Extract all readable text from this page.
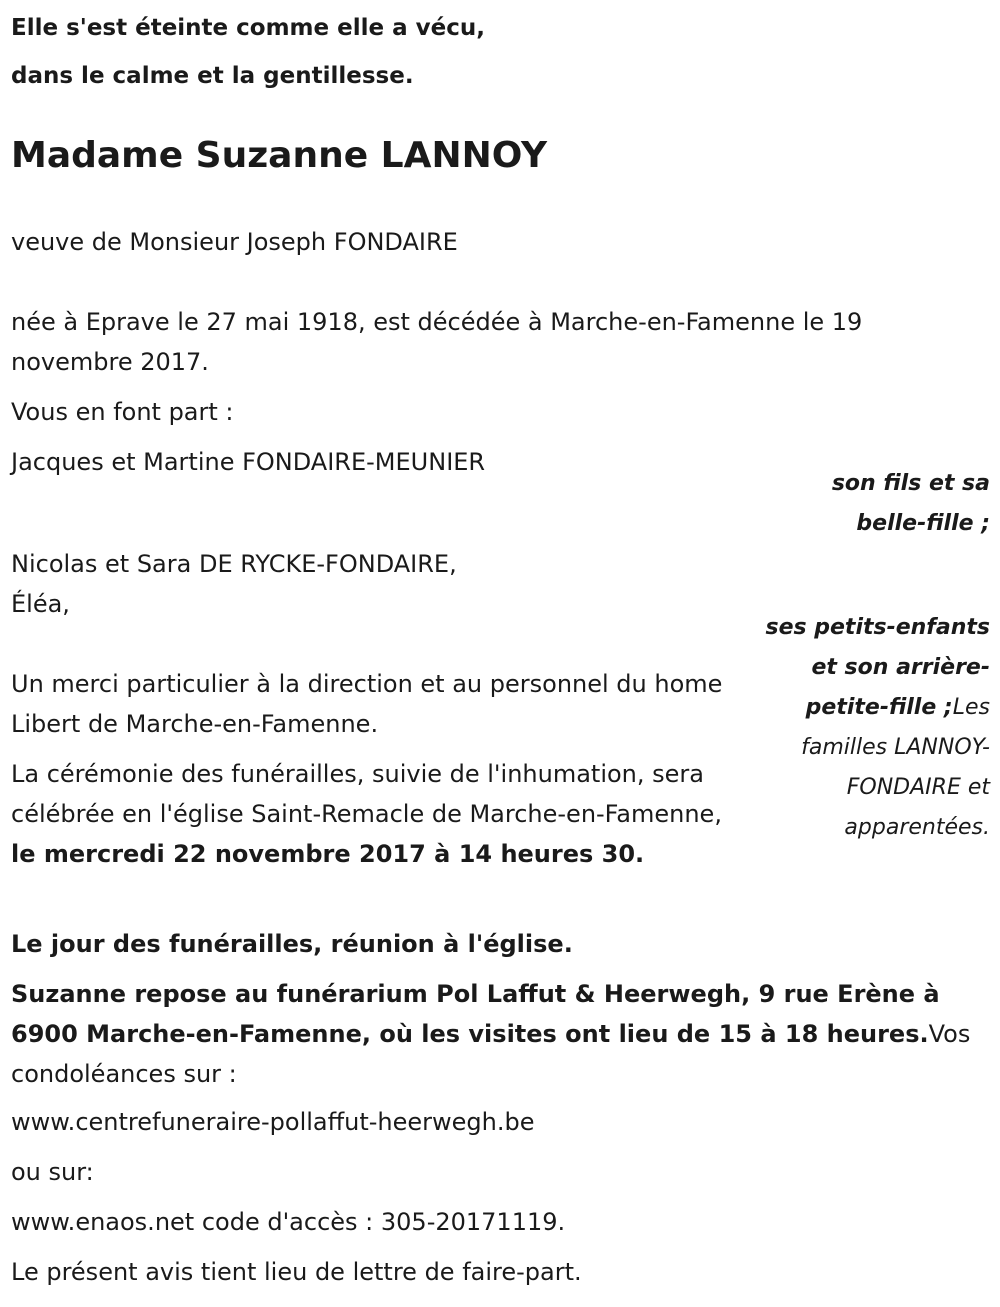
Elle s'est éteinte comme elle a vécu,
dans le calme et la gentillesse.
Madame Suzanne LANNOY
veuve de Monsieur Joseph FONDAIRE
née à Eprave le 27 mai 1918, est décédée à Marche-en-Famenne le 19 novembre 2017.
Vous en font part :
Jacques et Martine FONDAIRE-MEUNIER
son fils et sa belle-fille ;
Nicolas et Sara DE RYCKE-FONDAIRE,
Éléa,
ses petits-enfants et son arrière-petite-fille ;Les familles LANNOY-FONDAIRE et apparentées.
Un merci particulier à la direction et au personnel du home Libert de Marche-en-Famenne.
La cérémonie des funérailles, suivie de l'inhumation, sera célébrée en l'église Saint-Remacle de Marche-en-Famenne, le mercredi 22 novembre 2017 à 14 heures 30.
Le jour des funérailles, réunion à l'église.
Suzanne repose au funérarium Pol Laffut & Heerwegh, 9 rue Erène à 6900 Marche-en-Famenne, où les visites ont lieu de 15 à 18 heures.Vos condoléances sur :
www.centrefuneraire-pollaffut-heerwegh.be
ou sur:
www.enaos.net code d'accès : 305-20171119.
Le présent avis tient lieu de lettre de faire-part.
